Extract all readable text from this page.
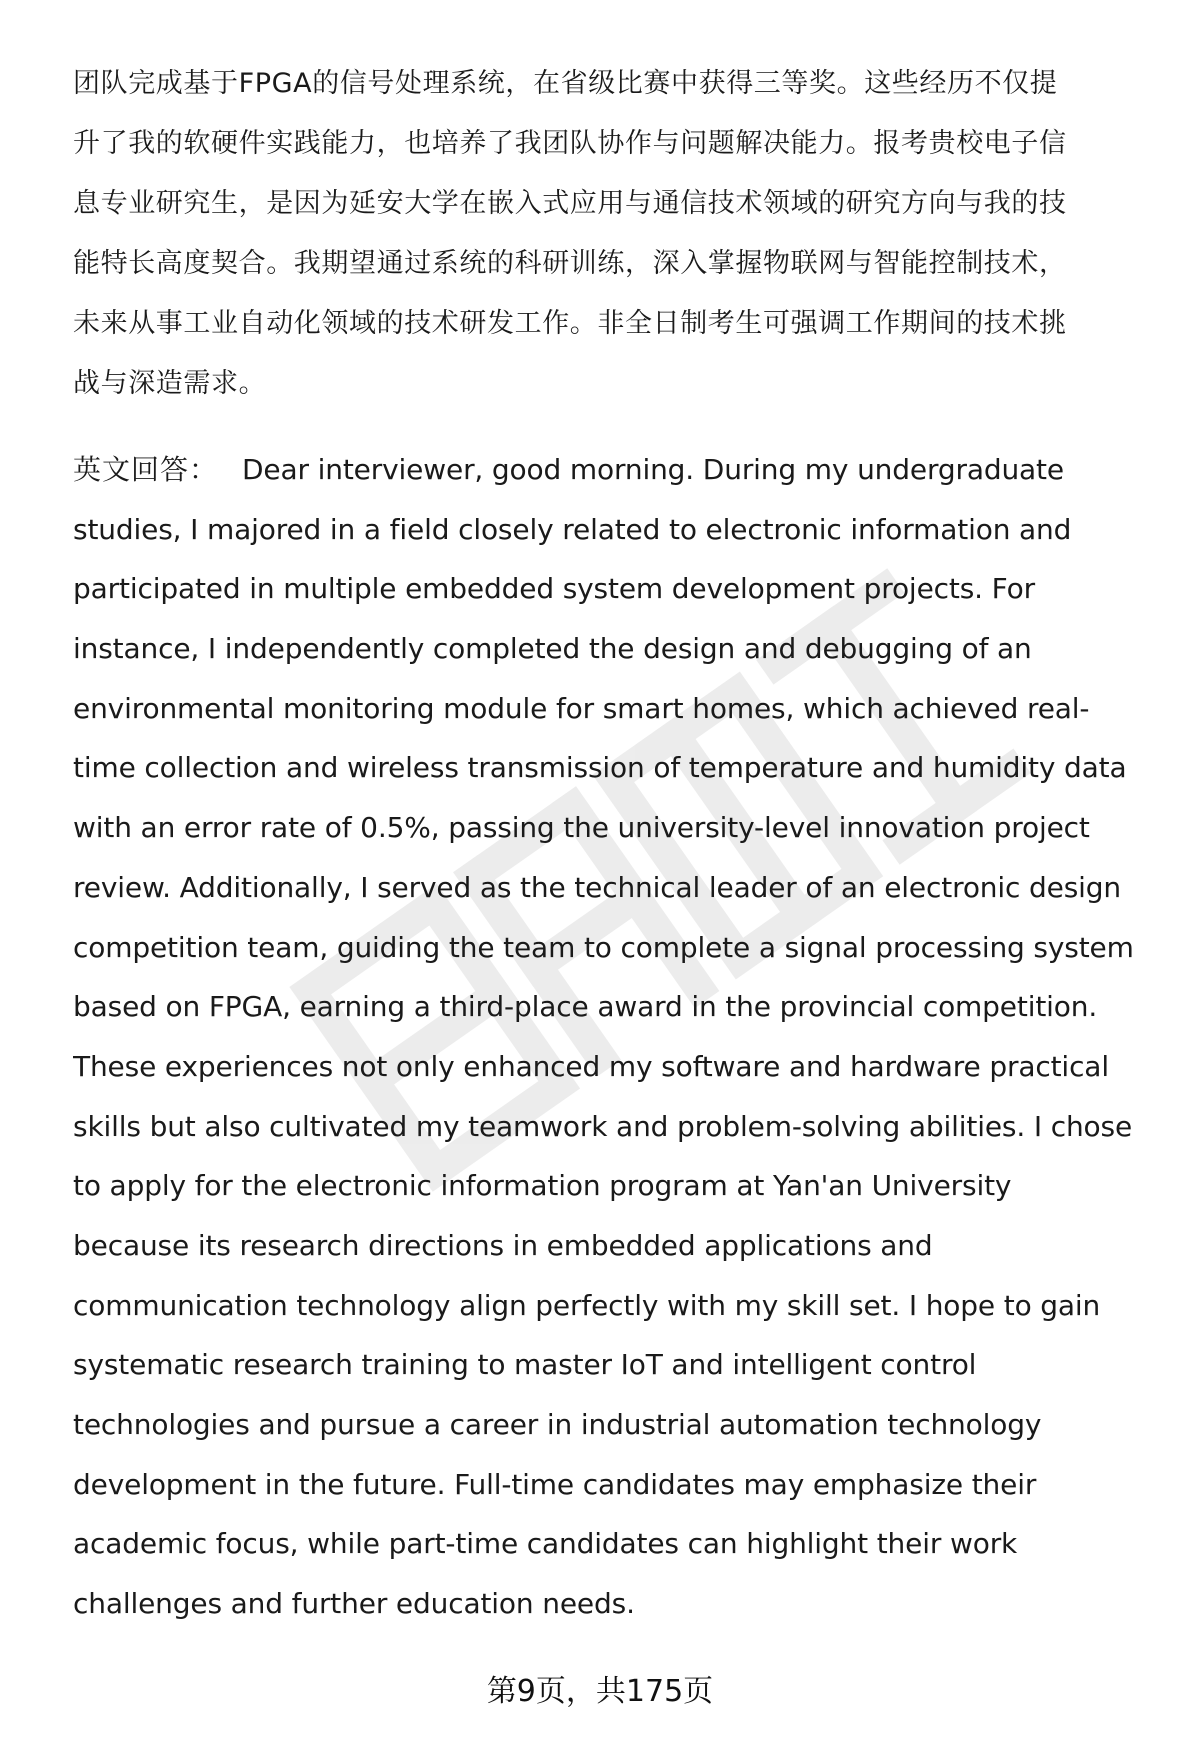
团队完成基于FPGA的信号处理系统，在省级比赛中获得三等奖。这些经历不仅提

升了我的软硬件实践能力，也培养了我团队协作与问题解决能力。报考贵校电子信

息专业研究生，是因为延安大学在嵌入式应用与通信技术领域的研究方向与我的技

能特长高度契合。我期望通过系统的科研训练，深入掌握物联网与智能控制技术，

未来从事工业自动化领域的技术研发工作。非全日制考生可强调工作期间的技术挑

战与深造需求。

英文回答： Dear interviewer, good morning. During my undergraduate

studies, I majored in a field closely related to electronic information and

participated in multiple embedded system development projects. For

instance, I independently completed the design and debugging of an

environmental monitoring module for smart homes, which achieved real-

time collection and wireless transmission of temperature and humidity data

with an error rate of 0.5%, passing the university-level innovation project

review. Additionally, I served as the technical leader of an electronic design

competition team, guiding the team to complete a signal processing system

based on FPGA, earning a third-place award in the provincial competition.

These experiences not only enhanced my software and hardware practical

skills but also cultivated my teamwork and problem-solving abilities. I chose

to apply for the electronic information program at Yan'an University

because its research directions in embedded applications and

communication technology align perfectly with my skill set. I hope to gain

systematic research training to master IoT and intelligent control

technologies and pursue a career in industrial automation technology

development in the future. Full-time candidates may emphasize their

academic focus, while part-time candidates can highlight their work

challenges and further education needs.

第9页，共175页
